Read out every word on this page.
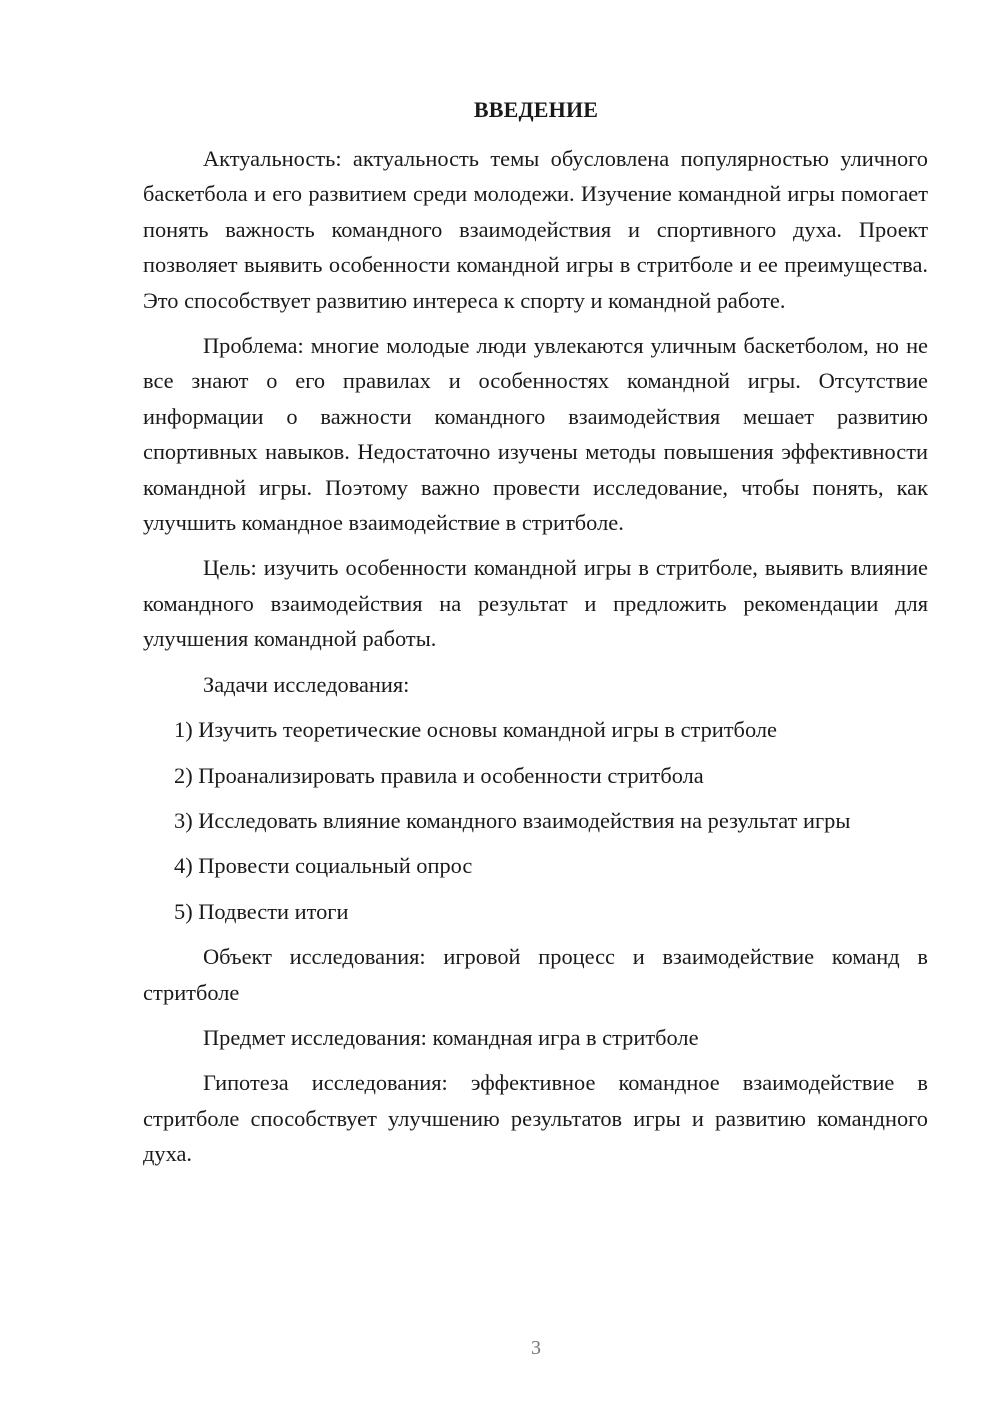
ВВЕДЕНИЕ

Актуальность: актуальность темы обусловлена популярностью уличного баскетбола и его развитием среди молодежи. Изучение командной игры помогает понять важность командного взаимодействия и спортивного духа. Проект позволяет выявить особенности командной игры в стритболе и ее преимущества. Это способствует развитию интереса к спорту и командной работе.

Проблема: многие молодые люди увлекаются уличным баскетболом, но не все знают о его правилах и особенностях командной игры. Отсутствие информации о важности командного взаимодействия мешает развитию спортивных навыков. Недостаточно изучены методы повышения эффективности командной игры. Поэтому важно провести исследование, чтобы понять, как улучшить командное взаимодействие в стритболе.

Цель: изучить особенности командной игры в стритболе, выявить влияние командного взаимодействия на результат и предложить рекомендации для улучшения командной работы.

Задачи исследования:

1) Изучить теоретические основы командной игры в стритболе

2) Проанализировать правила и особенности стритбола

3) Исследовать влияние командного взаимодействия на результат игры

4) Провести социальный опрос

5) Подвести итоги

Объект исследования: игровой процесс и взаимодействие команд в стритболе

Предмет исследования: командная игра в стритболе

Гипотеза исследования: эффективное командное взаимодействие в стритболе способствует улучшению результатов игры и развитию командного духа.

3
